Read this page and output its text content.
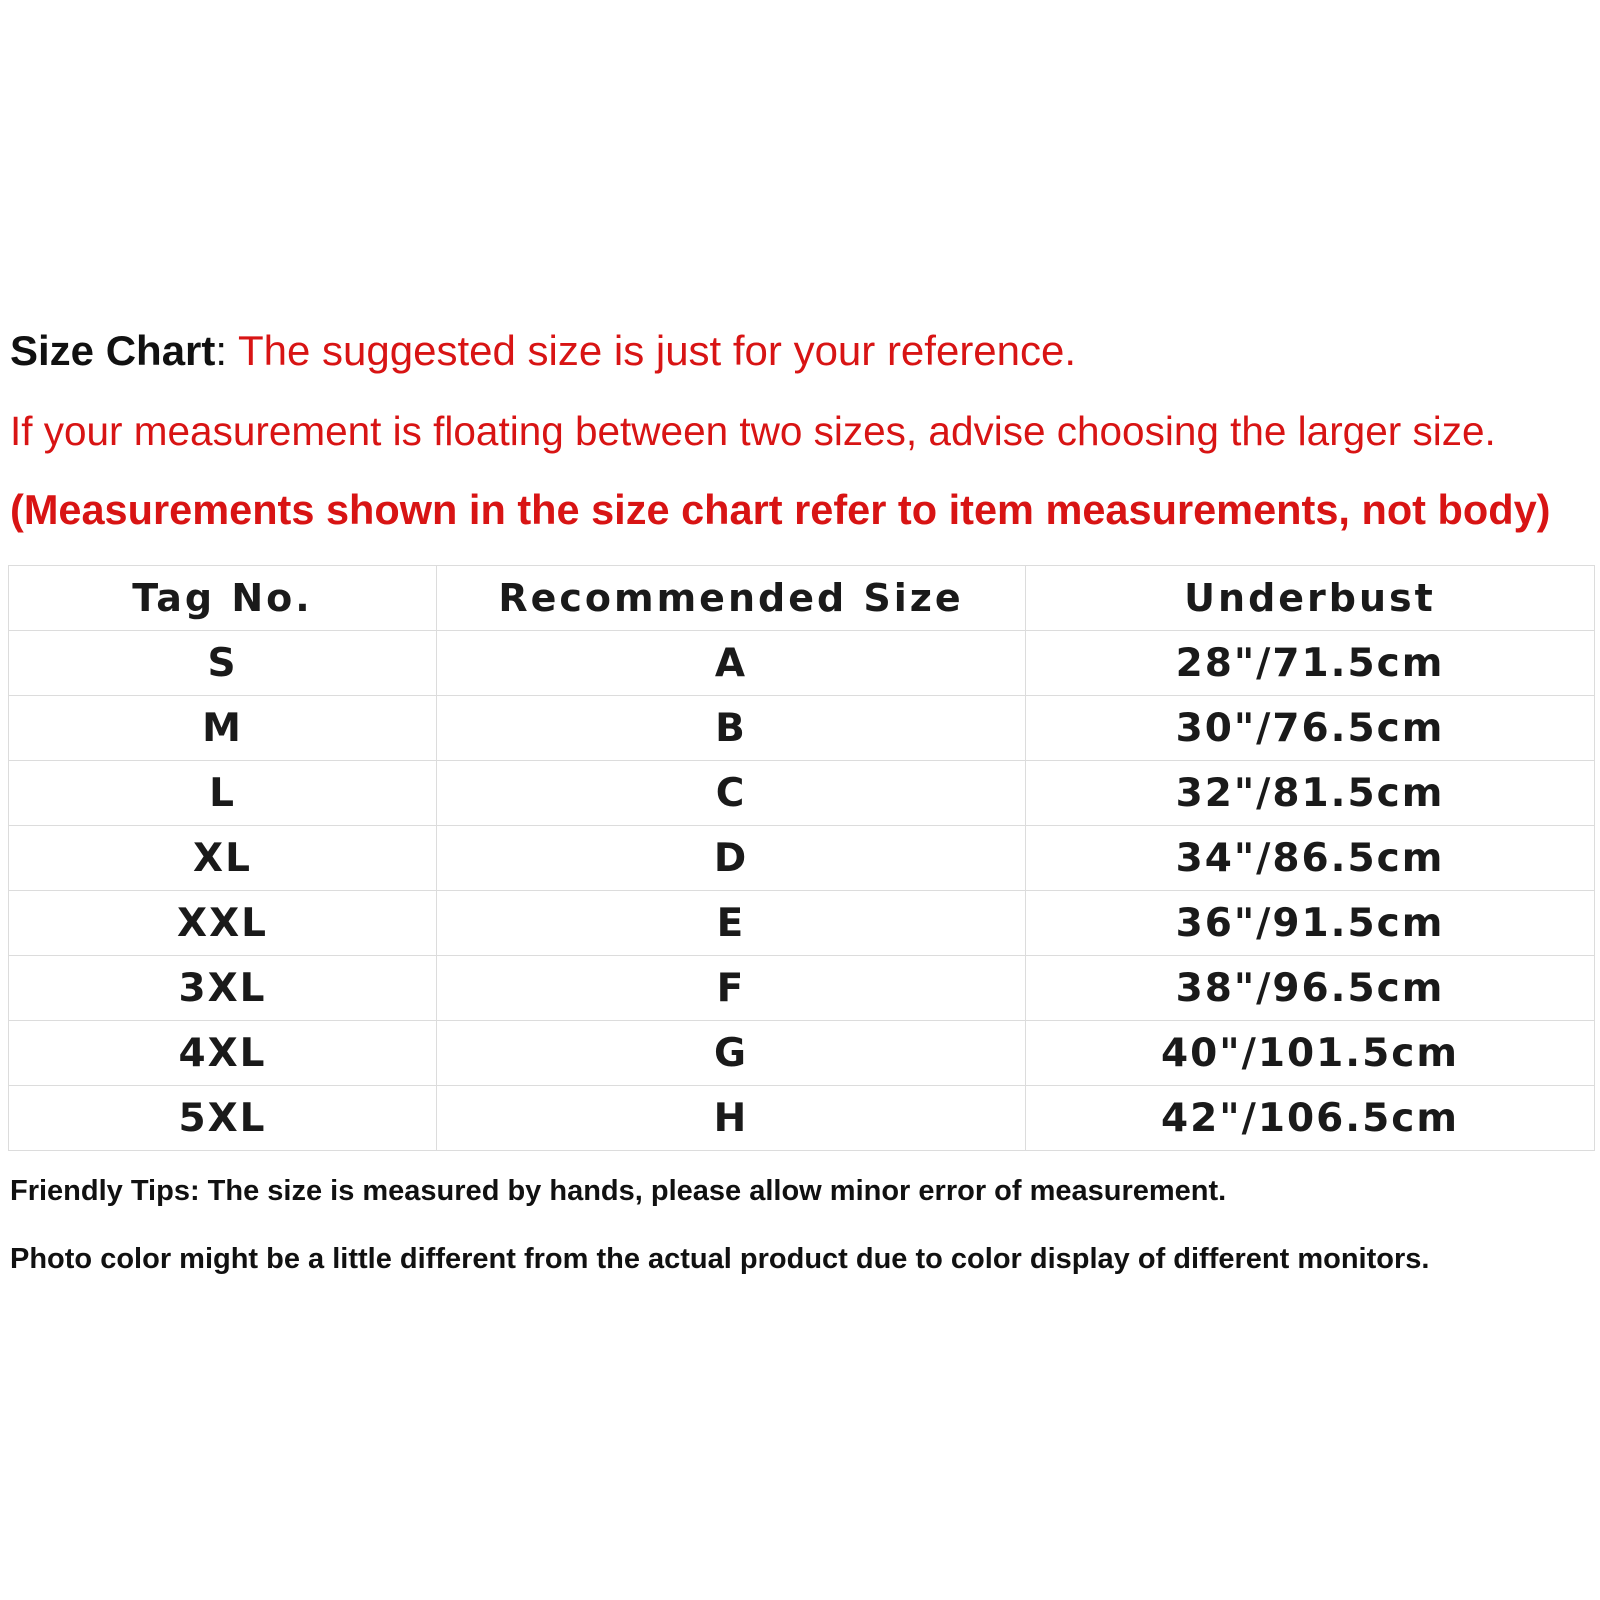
Size Chart: The suggested size is just for your reference.
If your measurement is floating between two sizes, advise choosing the larger size.
(Measurements shown in the size chart refer to item measurements, not body)
Tag No.	Recommended Size	Underbust
S	A	28"/71.5cm
M	B	30"/76.5cm
L	C	32"/81.5cm
XL	D	34"/86.5cm
XXL	E	36"/91.5cm
3XL	F	38"/96.5cm
4XL	G	40"/101.5cm
5XL	H	42"/106.5cm
Friendly Tips: The size is measured by hands, please allow minor error of measurement.
Photo color might be a little different from the actual product due to color display of different monitors.
